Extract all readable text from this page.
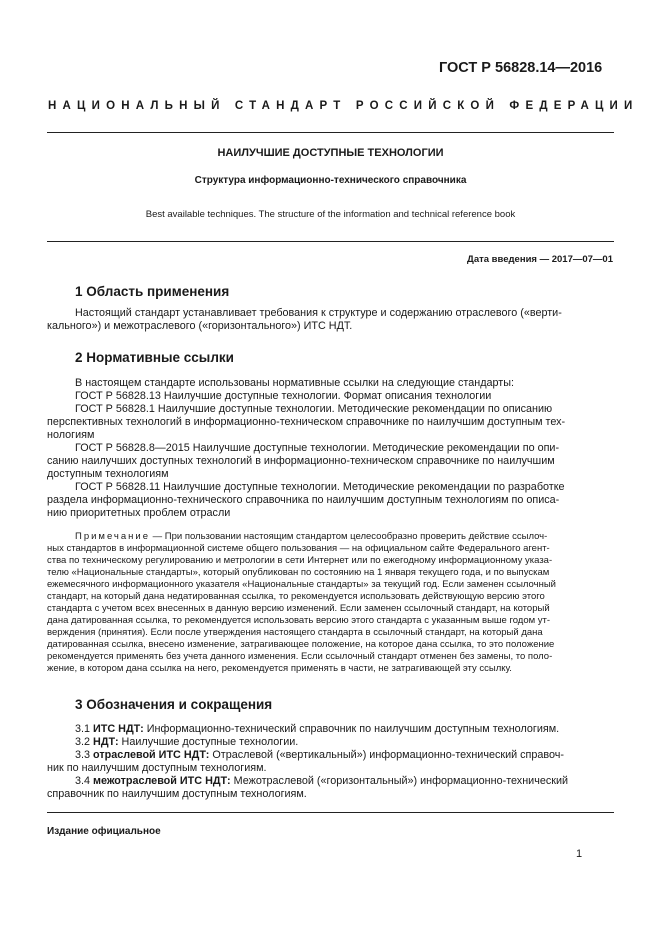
ГОСТ Р 56828.14—2016
НАЦИОНАЛЬНЫЙ СТАНДАРТ РОССИЙСКОЙ ФЕДЕРАЦИИ
НАИЛУЧШИЕ ДОСТУПНЫЕ ТЕХНОЛОГИИ
Структура информационно-технического справочника
Best available techniques. The structure of the information and technical reference book
Дата введения — 2017—07—01
1 Область применения
Настоящий стандарт устанавливает требования к структуре и содержанию отраслевого («верти-
кального») и межотраслевого («горизонтального») ИТС НДТ.
2 Нормативные ссылки
В настоящем стандарте использованы нормативные ссылки на следующие стандарты:
ГОСТ Р 56828.13 Наилучшие доступные технологии. Формат описания технологии
ГОСТ Р 56828.1 Наилучшие доступные технологии. Методические рекомендации по описанию
перспективных технологий в информационно-техническом справочнике по наилучшим доступным тех-
нологиям
ГОСТ Р 56828.8—2015 Наилучшие доступные технологии. Методические рекомендации по опи-
санию наилучших доступных технологий в информационно-техническом справочнике по наилучшим
доступным технологиям
ГОСТ Р 56828.11 Наилучшие доступные технологии. Методические рекомендации по разработке
раздела информационно-технического справочника по наилучшим доступным технологиям по описа-
нию приоритетных проблем отрасли
Примечание — При пользовании настоящим стандартом целесообразно проверить действие ссылоч-
ных стандартов в информационной системе общего пользования — на официальном сайте Федерального агент-
ства по техническому регулированию и метрологии в сети Интернет или по ежегодному информационному указа-
телю «Национальные стандарты», который опубликован по состоянию на 1 января текущего года, и по выпускам
ежемесячного информационного указателя «Национальные стандарты» за текущий год. Если заменен ссылочный
стандарт, на который дана недатированная ссылка, то рекомендуется использовать действующую версию этого
стандарта с учетом всех внесенных в данную версию изменений. Если заменен ссылочный стандарт, на который
дана датированная ссылка, то рекомендуется использовать версию этого стандарта с указанным выше годом ут-
верждения (принятия). Если после утверждения настоящего стандарта в ссылочный стандарт, на который дана
датированная ссылка, внесено изменение, затрагивающее положение, на которое дана ссылка, то это положение
рекомендуется применять без учета данного изменения. Если ссылочный стандарт отменен без замены, то поло-
жение, в котором дана ссылка на него, рекомендуется применять в части, не затрагивающей эту ссылку.
3 Обозначения и сокращения
3.1 ИТС НДТ: Информационно-технический справочник по наилучшим доступным технологиям.
3.2 НДТ: Наилучшие доступные технологии.
3.3 отраслевой ИТС НДТ: Отраслевой («вертикальный») информационно-технический справоч-
ник по наилучшим доступным технологиям.
3.4 межотраслевой ИТС НДТ: Межотраслевой («горизонтальный») информационно-технический
справочник по наилучшим доступным технологиям.
Издание официальное
1
